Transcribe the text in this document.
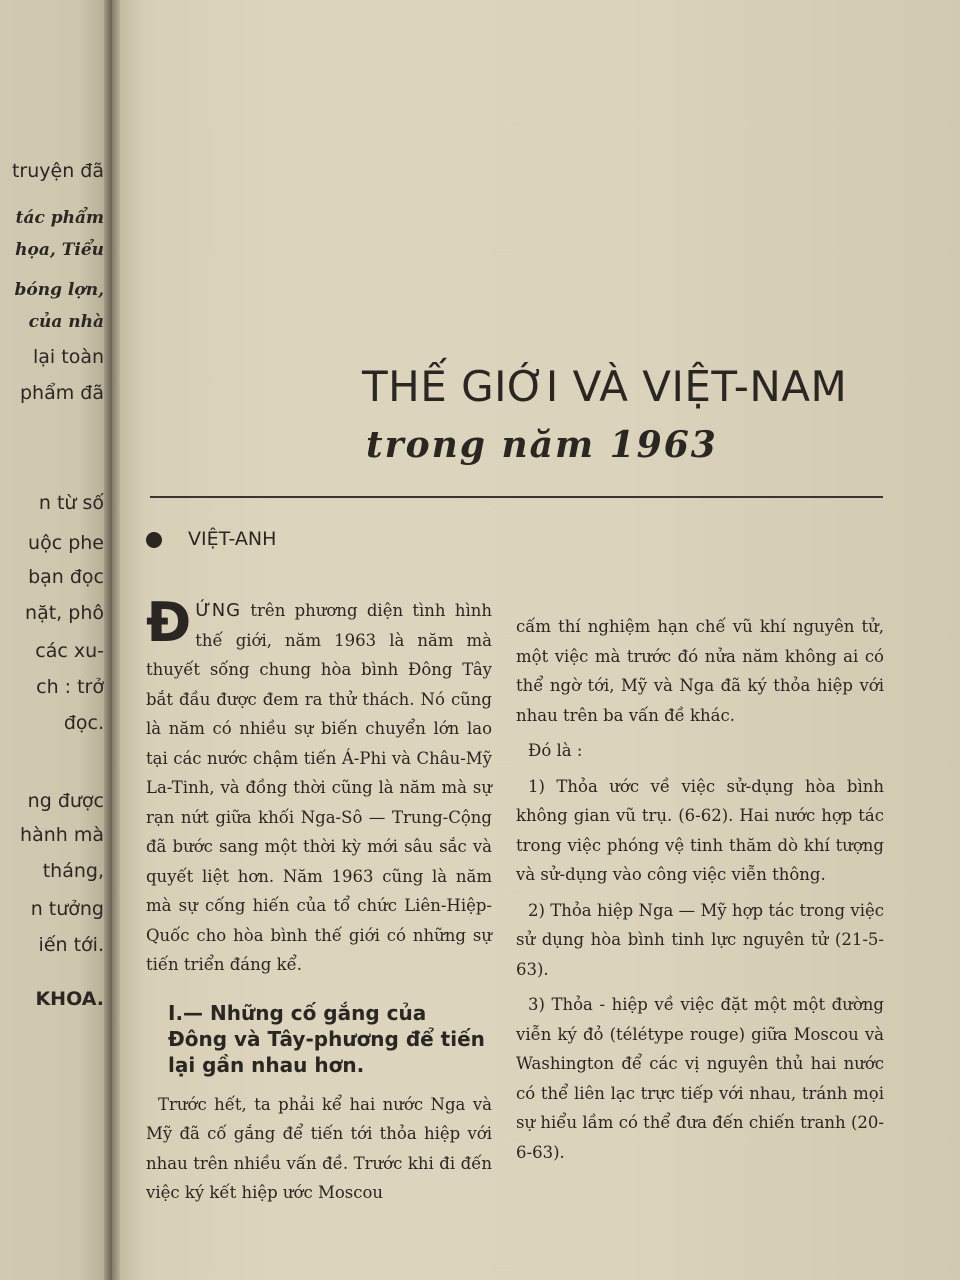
truyện đã
tác phẩm
họa, Tiểu
bóng lợn,
của nhà
lại toàn
phẩm đã
n từ số
uộc phe
bạn đọc
nặt, phô
các xu-
ch : trở
đọc.
ng được
hành mà
tháng,
n tưởng
iến tới.
KHOA.
THẾ GIỚI VÀ VIỆT-NAM
trong năm 1963
VIỆT-ANH

ĐỨNG trên phương diện tình hình thế giới, năm 1963 là năm mà thuyết sống chung hòa bình Đông Tây bắt đầu được đem ra thử thách. Nó cũng là năm có nhiều sự biến chuyển lớn lao tại các nước chậm tiến Á-Phi và Châu-Mỹ La-Tinh, và đồng thời cũng là năm mà sự rạn nứt giữa khối Nga-Sô — Trung-Cộng đã bước sang một thời kỳ mới sâu sắc và quyết liệt hơn. Năm 1963 cũng là năm mà sự cống hiến của tổ chức Liên-Hiệp-Quốc cho hòa bình thế giới có những sự tiến triển đáng kể.

I.— Những cố gắng của Đông và Tây-phương để tiến lại gần nhau hơn.

Trước hết, ta phải kể hai nước Nga và Mỹ đã cố gắng để tiến tới thỏa hiệp với nhau trên nhiều vấn đề. Trước khi đi đến việc ký kết hiệp ước Moscou

cấm thí nghiệm hạn chế vũ khí nguyên tử, một việc mà trước đó nửa năm không ai có thể ngờ tới, Mỹ và Nga đã ký thỏa hiệp với nhau trên ba vấn đề khác.

Đó là :

1) Thỏa ước về việc sử-dụng hòa bình không gian vũ trụ. (6-62). Hai nước hợp tác trong việc phóng vệ tinh thăm dò khí tượng và sử-dụng vào công việc viễn thông.

2) Thỏa hiệp Nga — Mỹ hợp tác trong việc sử dụng hòa bình tinh lực nguyên tử (21-5-63).

3) Thỏa - hiệp về việc đặt một một đường viễn ký đỏ (télétype rouge) giữa Moscou và Washington để các vị nguyên thủ hai nước có thể liên lạc trực tiếp với nhau, tránh mọi sự hiểu lầm có thể đưa đến chiến tranh (20-6-63).
